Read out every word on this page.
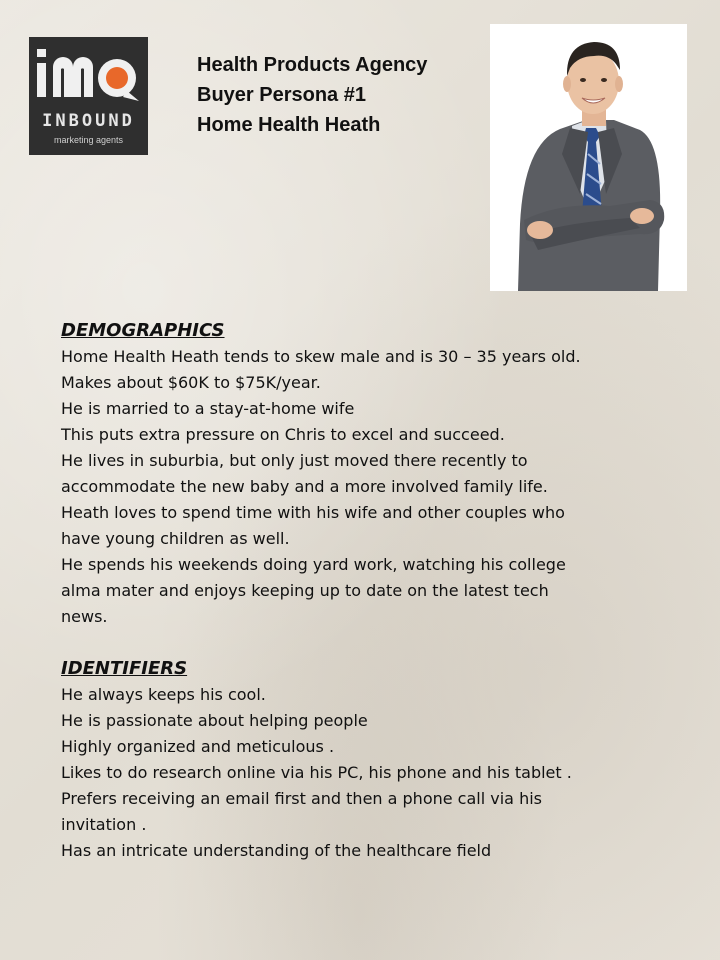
INBOUND
marketing agents
Health Products Agency
Buyer Persona #1
Home Health Heath

DEMOGRAPHICS

Home Health Heath tends to skew male and is 30 – 35 years old.

Makes about $60K to $75K/year.

He is married to a stay-at-home wife

This puts extra pressure on Chris to excel and succeed.

He lives in suburbia, but only just moved there recently to

accommodate the new baby and a more involved family life.

Heath loves to spend time with his wife and other couples who

have young children as well.

He spends his weekends doing yard work, watching his college

alma mater and enjoys keeping up to date on the latest tech

news.

IDENTIFIERS

He always keeps his cool.

He is passionate about helping people

Highly organized and meticulous .

Likes to do research online via his PC, his phone and his tablet .

Prefers receiving an email first and then a phone call via his

invitation .

Has an intricate understanding of the healthcare field
